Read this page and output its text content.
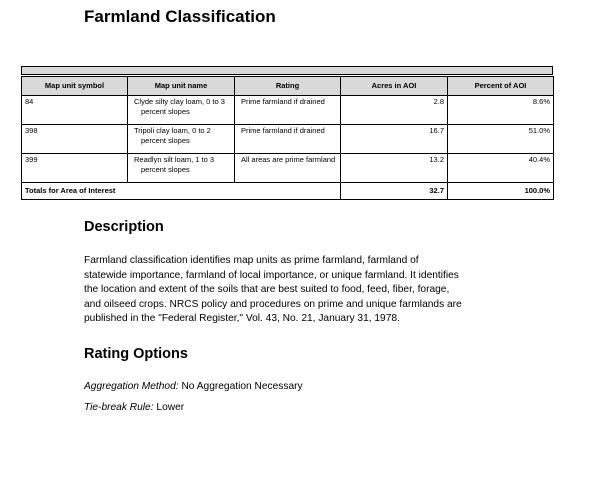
Farmland Classification
Map unit symbol	Map unit name	Rating	Acres in AOI	Percent of AOI
84	Clyde silty clay loam, 0 to 3 percent slopes	Prime farmland if drained	2.8	8.6%
398	Tripoli clay loam, 0 to 2 percent slopes	Prime farmland if drained	16.7	51.0%
399	Readlyn silt loam, 1 to 3 percent slopes	All areas are prime farmland	13.2	40.4%
Totals for Area of Interest			32.7	100.0%
Description

Farmland classification identifies map units as prime farmland, farmland of statewide importance, farmland of local importance, or unique farmland. It identifies the location and extent of the soils that are best suited to food, feed, fiber, forage, and oilseed crops. NRCS policy and procedures on prime and unique farmlands are published in the "Federal Register," Vol. 43, No. 21, January 31, 1978.

Rating Options

Aggregation Method: No Aggregation Necessary

Tie-break Rule: Lower
